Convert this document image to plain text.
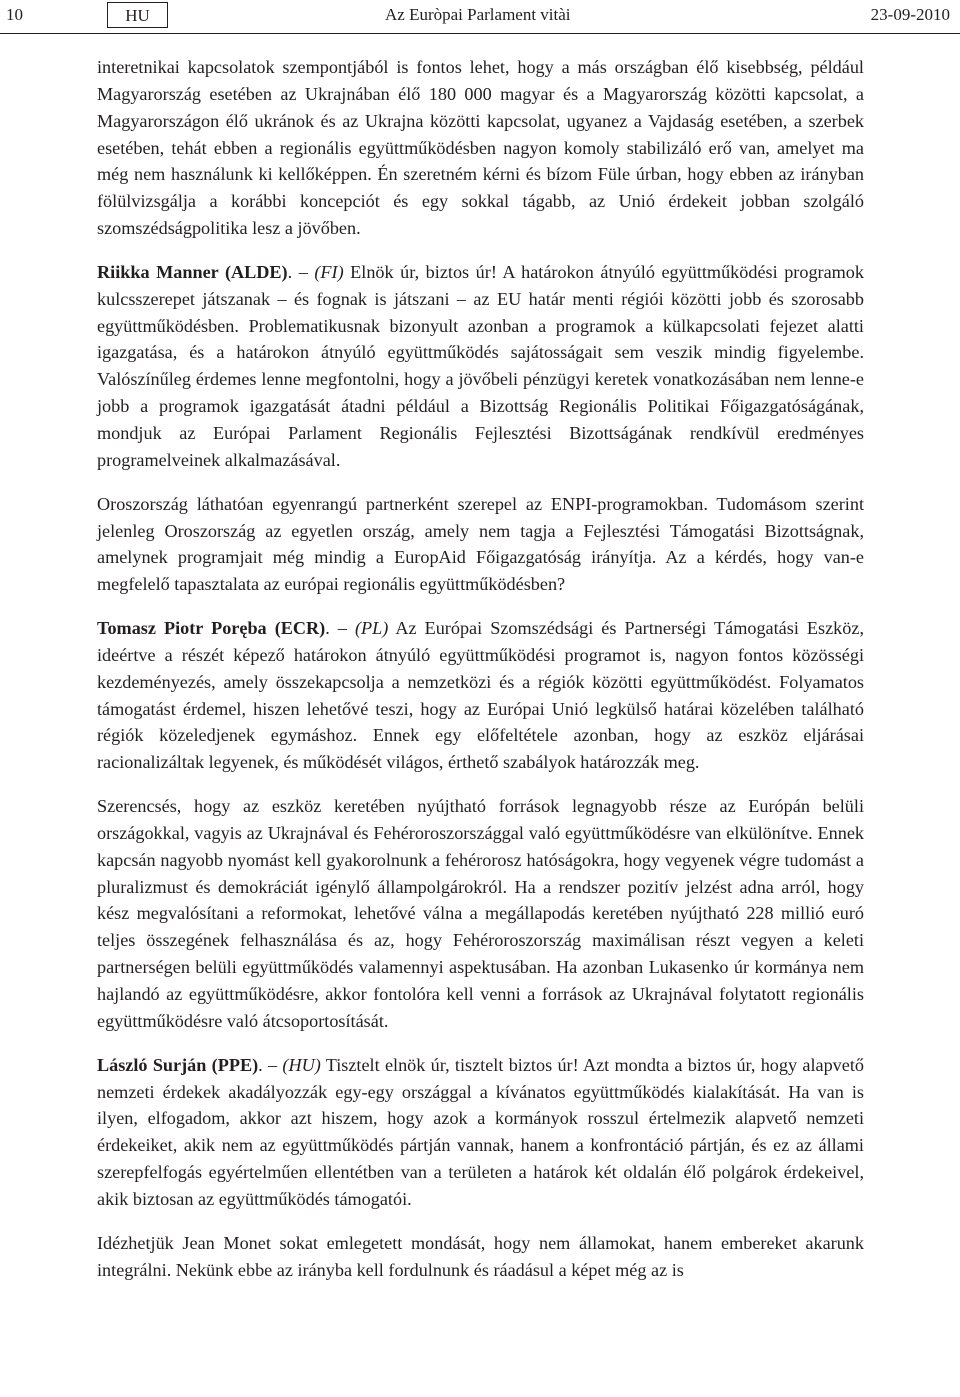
10	HU	Az Euròpai Parlament vitài	23-09-2010

interetnikai kapcsolatok szempontjából is fontos lehet, hogy a más országban élő kisebbség, például Magyarország esetében az Ukrajnában élő 180 000 magyar és a Magyarország közötti kapcsolat, a Magyarországon élő ukránok és az Ukrajna közötti kapcsolat, ugyanez a Vajdaság esetében, a szerbek esetében, tehát ebben a regionális együttműködésben nagyon komoly stabilizáló erő van, amelyet ma még nem használunk ki kellőképpen. Én szeretném kérni és bízom Füle úrban, hogy ebben az irányban fölülvizsgálja a korábbi koncepciót és egy sokkal tágabb, az Unió érdekeit jobban szolgáló szomszédságpolitika lesz a jövőben.

Riikka Manner (ALDE). – (FI) Elnök úr, biztos úr! A határokon átnyúló együttműködési programok kulcsszerepet játszanak – és fognak is játszani – az EU határ menti régiói közötti jobb és szorosabb együttműködésben. Problematikusnak bizonyult azonban a programok a külkapcsolati fejezet alatti igazgatása, és a határokon átnyúló együttműködés sajátosságait sem veszik mindig figyelembe. Valószínűleg érdemes lenne megfontolni, hogy a jövőbeli pénzügyi keretek vonatkozásában nem lenne-e jobb a programok igazgatását átadni például a Bizottság Regionális Politikai Főigazgatóságának, mondjuk az Európai Parlament Regionális Fejlesztési Bizottságának rendkívül eredményes programelveinek alkalmazásával.

Oroszország láthatóan egyenrangú partnerként szerepel az ENPI-programokban. Tudomásom szerint jelenleg Oroszország az egyetlen ország, amely nem tagja a Fejlesztési Támogatási Bizottságnak, amelynek programjait még mindig a EuropAid Főigazgatóság irányítja. Az a kérdés, hogy van-e megfelelő tapasztalata az európai regionális együttműködésben?

Tomasz Piotr Poręba (ECR). – (PL) Az Európai Szomszédsági és Partnerségi Támogatási Eszköz, ideértve a részét képező határokon átnyúló együttműködési programot is, nagyon fontos közösségi kezdeményezés, amely összekapcsolja a nemzetközi és a régiók közötti együttműködést. Folyamatos támogatást érdemel, hiszen lehetővé teszi, hogy az Európai Unió legkülső határai közelében található régiók közeledjenek egymáshoz. Ennek egy előfeltétele azonban, hogy az eszköz eljárásai racionalizáltak legyenek, és működését világos, érthető szabályok határozzák meg.

Szerencsés, hogy az eszköz keretében nyújtható források legnagyobb része az Európán belüli országokkal, vagyis az Ukrajnával és Fehéroroszországgal való együttműködésre van elkülönítve. Ennek kapcsán nagyobb nyomást kell gyakorolnunk a fehérorosz hatóságokra, hogy vegyenek végre tudomást a pluralizmust és demokráciát igénylő állampolgárokról. Ha a rendszer pozitív jelzést adna arról, hogy kész megvalósítani a reformokat, lehetővé válna a megállapodás keretében nyújtható 228 millió euró teljes összegének felhasználása és az, hogy Fehéroroszország maximálisan részt vegyen a keleti partnerségen belüli együttműködés valamennyi aspektusában. Ha azonban Lukasenko úr kormánya nem hajlandó az együttműködésre, akkor fontolóra kell venni a források az Ukrajnával folytatott regionális együttműködésre való átcsoportosítását.

László Surján (PPE). – (HU) Tisztelt elnök úr, tisztelt biztos úr! Azt mondta a biztos úr, hogy alapvető nemzeti érdekek akadályozzák egy-egy országgal a kívánatos együttműködés kialakítását. Ha van is ilyen, elfogadom, akkor azt hiszem, hogy azok a kormányok rosszul értelmezik alapvető nemzeti érdekeiket, akik nem az együttműködés pártján vannak, hanem a konfrontáció pártján, és ez az állami szerepfelfogás egyértelműen ellentétben van a területen a határok két oldalán élő polgárok érdekeivel, akik biztosan az együttműködés támogatói.

Idézhetjük Jean Monet sokat emlegetett mondását, hogy nem államokat, hanem embereket akarunk integrálni. Nekünk ebbe az irányba kell fordulnunk és ráadásul a képet még az is
